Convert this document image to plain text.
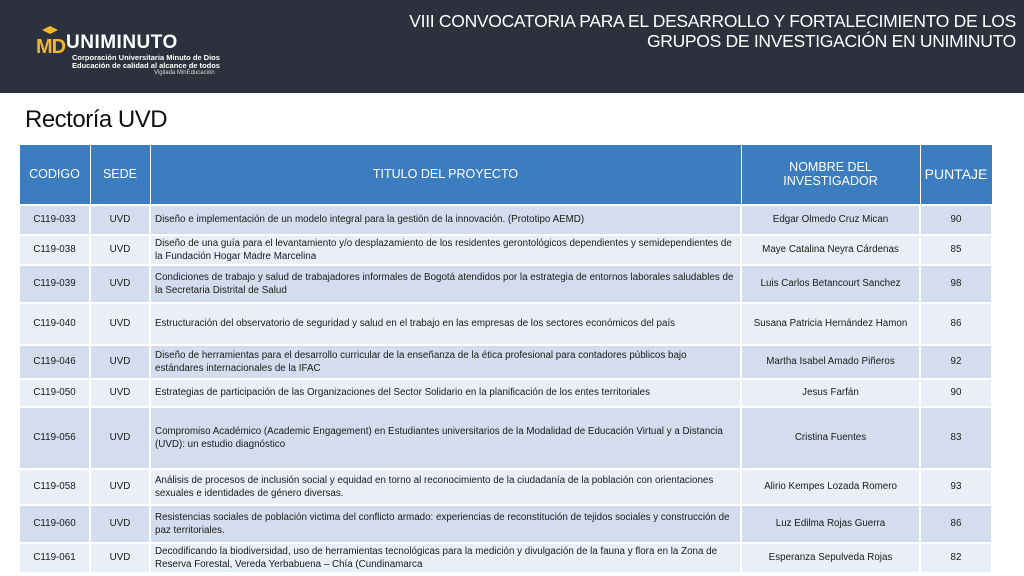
MD UNIMINUTO
Corporación Universitaria Minuto de Dios
Educación de calidad al alcance de todos
Vigilada MinEducación
VIII CONVOCATORIA PARA EL DESARROLLO Y FORTALECIMIENTO DE LOS
GRUPOS DE INVESTIGACIÓN EN UNIMINUTO
Rectoría UVD
CODIGO	SEDE	TITULO DEL PROYECTO	NOMBRE DEL INVESTIGADOR	PUNTAJE
C119-033	UVD	Diseño e implementación de un modelo integral para la gestión de la innovación. (Prototipo AEMD)	Edgar Olmedo Cruz Mican	90
C119-038	UVD	Diseño de una guía para el levantamiento y/o desplazamiento de los residentes gerontológicos dependientes y semidependientes de la Fundación Hogar Madre Marcelina	Maye Catalina Neyra Cárdenas	85
C119-039	UVD	Condiciones de trabajo y salud de trabajadores informales de Bogotá atendidos por la estrategia de entornos laborales saludables de la Secretaria Distrital de Salud	Luis Carlos Betancourt Sanchez	98
C119-040	UVD	Estructuración del observatorio de seguridad y salud en el trabajo en las empresas de los sectores económicos del país	Susana Patricia Hernández Hamon	86
C119-046	UVD	Diseño de herramientas para el desarrollo curricular de la enseñanza de la ética profesional para contadores públicos bajo estándares internacionales de la IFAC	Martha Isabel Amado Piñeros	92
C119-050	UVD	Estrategias de participación de las Organizaciones del Sector Solidario en la planificación de los entes territoriales	Jesus Farfán	90
C119-056	UVD	Compromiso Académico (Academic Engagement) en Estudiantes universitarios de la Modalidad de Educación Virtual y a Distancia (UVD): un estudio diagnóstico	Cristina Fuentes	83
C119-058	UVD	Análisis de procesos de inclusión social y equidad en torno al reconocimiento de la ciudadanía de la población con orientaciones sexuales e identidades de género diversas.	Alirio Kempes Lozada Romero	93
C119-060	UVD	Resistencias sociales de población victima del conflicto armado: experiencias de reconstitución de tejidos sociales y construcción de paz territoriales.	Luz Edilma Rojas Guerra	86
C119-061	UVD	Decodificando la biodiversidad, uso de herramientas tecnológicas para la medición y divulgación de la fauna y flora en la Zona de Reserva Forestal, Vereda Yerbabuena – Chía (Cundinamarca	Esperanza Sepulveda Rojas	82
